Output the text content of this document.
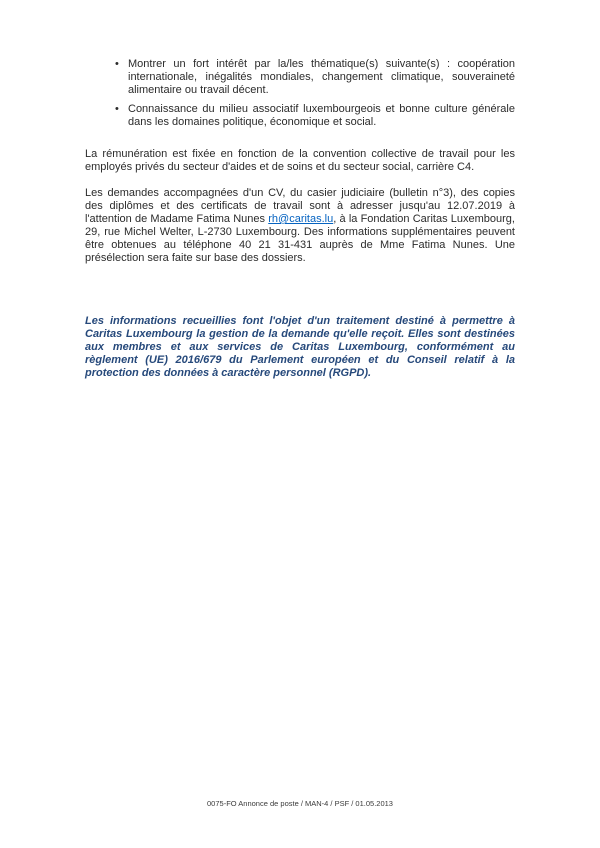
• Montrer un fort intérêt par la/les thématique(s) suivante(s) : coopération internationale, inégalités mondiales, changement climatique, souveraineté alimentaire ou travail décent.
• Connaissance du milieu associatif luxembourgeois et bonne culture générale dans les domaines politique, économique et social.

La rémunération est fixée en fonction de la convention collective de travail pour les employés privés du secteur d'aides et de soins et du secteur social, carrière C4.

Les demandes accompagnées d'un CV, du casier judiciaire (bulletin n°3), des copies des diplômes et des certificats de travail sont à adresser jusqu'au 12.07.2019 à l'attention de Madame Fatima Nunes rh@caritas.lu, à la Fondation Caritas Luxembourg, 29, rue Michel Welter, L-2730 Luxembourg. Des informations supplémentaires peuvent être obtenues au téléphone 40 21 31-431 auprès de Mme Fatima Nunes. Une présélection sera faite sur base des dossiers.

Les informations recueillies font l'objet d'un traitement destiné à permettre à Caritas Luxembourg la gestion de la demande qu'elle reçoit. Elles sont destinées aux membres et aux services de Caritas Luxembourg, conformément au règlement (UE) 2016/679 du Parlement européen et du Conseil relatif à la protection des données à caractère personnel (RGPD).

0075-FO Annonce de poste / MAN-4 / PSF / 01.05.2013
